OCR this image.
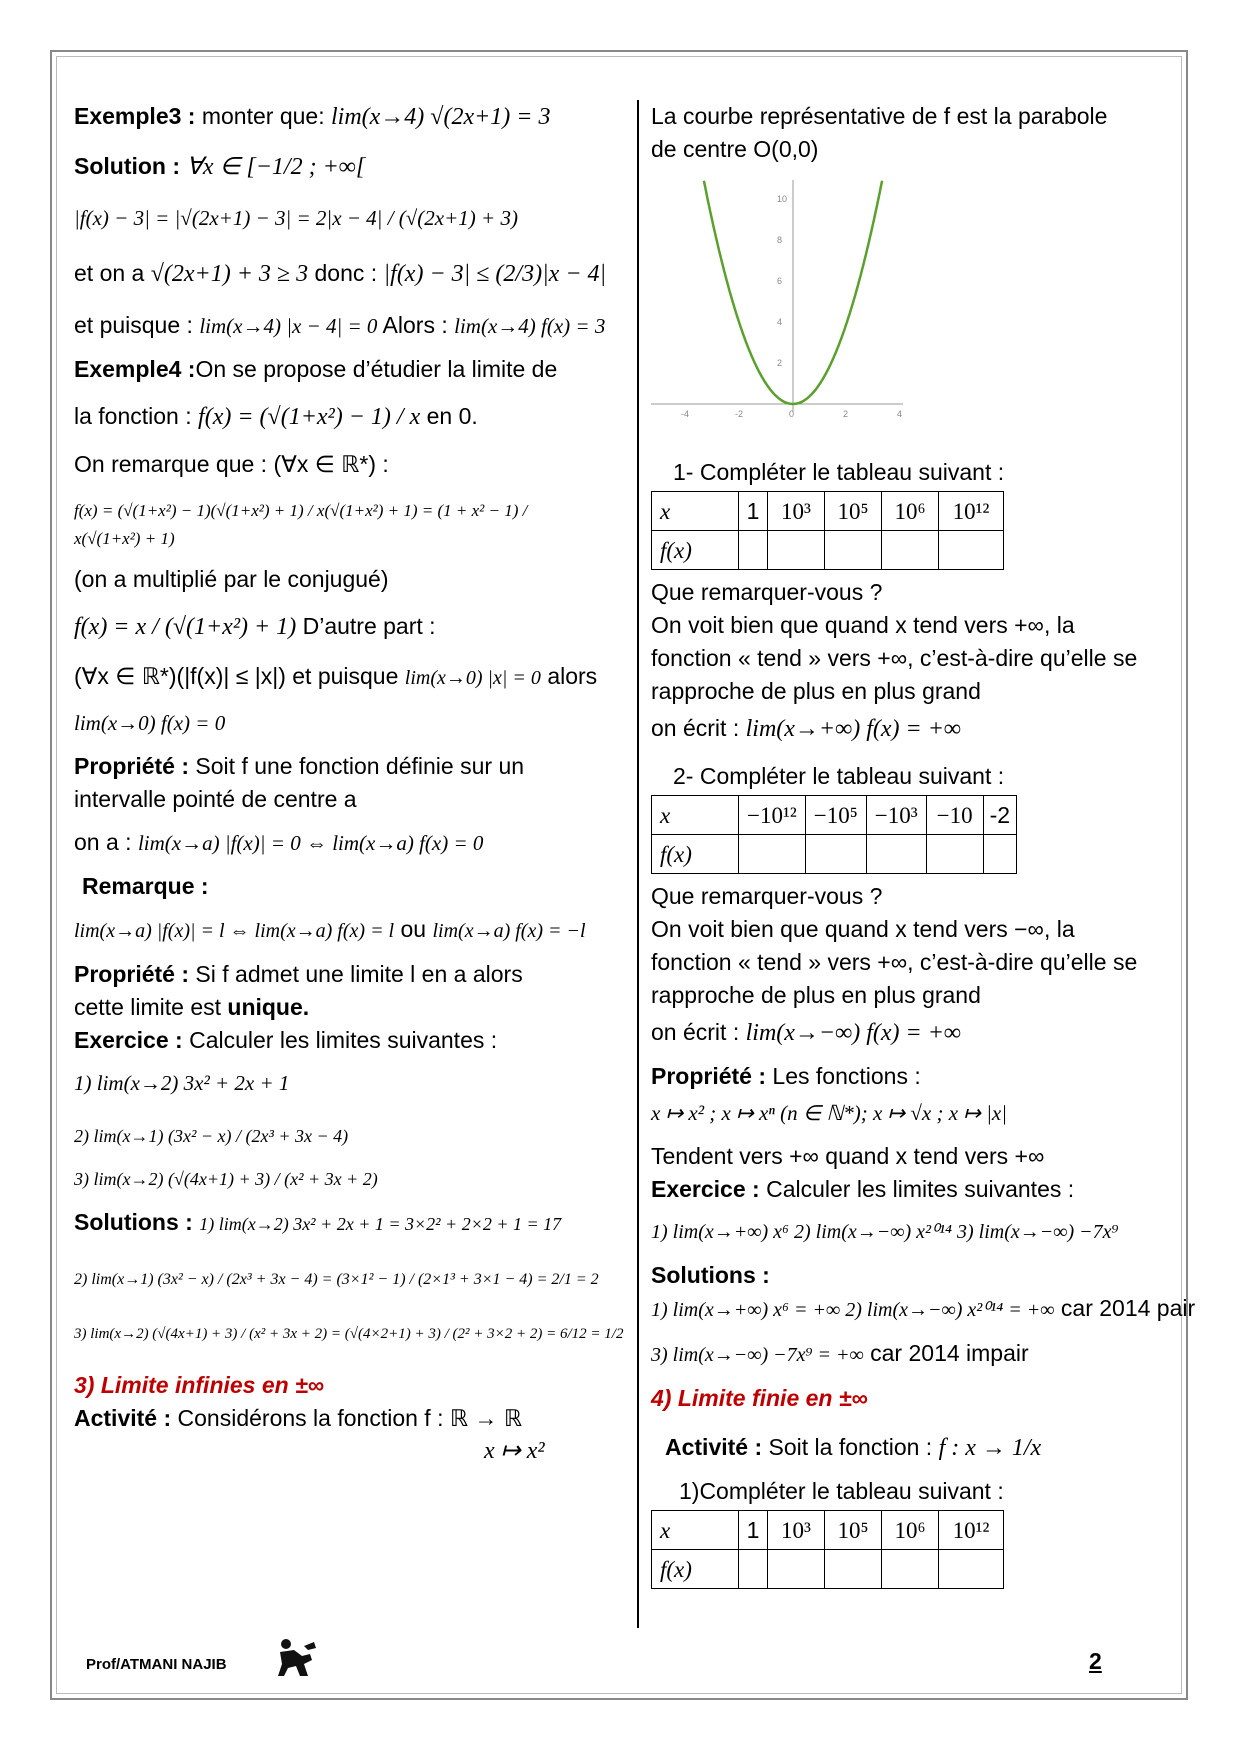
Exemple3 : monter que: lim(x→4) √(2x+1) = 3
Solution : ∀x ∈ [−1/2 ; +∞[
|f(x) − 3| = |√(2x+1) − 3| = 2|x − 4| / (√(2x+1) + 3)
et on a √(2x+1) + 3 ≥ 3 donc : |f(x) − 3| ≤ (2/3)|x − 4|
et puisque : lim(x→4) |x − 4| = 0 Alors : lim(x→4) f(x) = 3
Exemple4 :On se propose d’étudier la limite de
la fonction : f(x) = (√(1+x²) − 1) / x en 0.
On remarque que : (∀x ∈ ℝ*) :
f(x) = (√(1+x²) − 1)(√(1+x²) + 1) / x(√(1+x²) + 1) = (1 + x² − 1) / x(√(1+x²) + 1)
(on a multiplié par le conjugué)
f(x) = x / (√(1+x²) + 1) D’autre part :
(∀x ∈ ℝ*)(|f(x)| ≤ |x|) et puisque lim(x→0) |x| = 0 alors
lim(x→0) f(x) = 0
Propriété : Soit f une fonction définie sur un
intervalle pointé de centre a
on a : lim(x→a) |f(x)| = 0 ⇔ lim(x→a) f(x) = 0
Remarque :
lim(x→a) |f(x)| = l ⇔ lim(x→a) f(x) = l ou lim(x→a) f(x) = −l
Propriété : Si f admet une limite l en a alors
cette limite est unique.
Exercice : Calculer les limites suivantes :
1) lim(x→2) 3x² + 2x + 1
2) lim(x→1) (3x² − x) / (2x³ + 3x − 4)
3) lim(x→2) (√(4x+1) + 3) / (x² + 3x + 2)
Solutions : 1) lim(x→2) 3x² + 2x + 1 = 3×2² + 2×2 + 1 = 17
2) lim(x→1) (3x² − x) / (2x³ + 3x − 4) = (3×1² − 1) / (2×1³ + 3×1 − 4) = 2/1 = 2
3) lim(x→2) (√(4x+1) + 3) / (x² + 3x + 2) = (√(4×2+1) + 3) / (2² + 3×2 + 2) = 6/12 = 1/2
3) Limite infinies en ±∞
Activité : Considérons la fonction f : ℝ → ℝ
x ↦ x²
La courbe représentative de f est la parabole
de centre O(0,0)
-4	-2	0	2	4
10
8
6
4
2
1- Compléter le tableau suivant :
x	1	10³	10⁵	10⁶	10¹²
f(x)					
Que remarquer-vous ?
On voit bien que quand x tend vers +∞, la
fonction « tend » vers +∞, c’est-à-dire qu’elle se
rapproche de plus en plus grand
on écrit : lim(x→+∞) f(x) = +∞
2- Compléter le tableau suivant :
x	−10¹²	−10⁵	−10³	−10	-2
f(x)					
Que remarquer-vous ?
On voit bien que quand x tend vers −∞, la
fonction « tend » vers +∞, c’est-à-dire qu’elle se
rapproche de plus en plus grand
on écrit : lim(x→−∞) f(x) = +∞
Propriété : Les fonctions :
x ↦ x² ; x ↦ xⁿ (n ∈ ℕ*); x ↦ √x ; x ↦ |x|
Tendent vers +∞ quand x tend vers +∞
Exercice : Calculer les limites suivantes :
1) lim(x→+∞) x⁶ 2) lim(x→−∞) x²⁰¹⁴ 3) lim(x→−∞) −7x⁹
Solutions :
1) lim(x→+∞) x⁶ = +∞ 2) lim(x→−∞) x²⁰¹⁴ = +∞ car 2014 pair
3) lim(x→−∞) −7x⁹ = +∞ car 2014 impair
4) Limite finie en ±∞
Activité : Soit la fonction : f : x → 1/x
1)Compléter le tableau suivant :
x	1	10³	10⁵	10⁶	10¹²
f(x)					
Prof/ATMANI NAJIB	2
